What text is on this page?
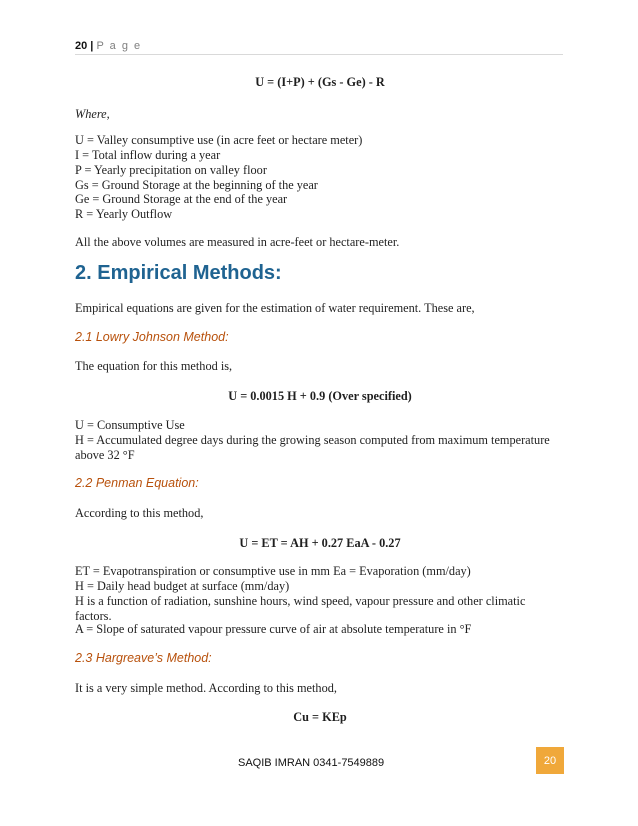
20 | P a g e
U = (I+P) + (Gs - Ge) - R
Where,
U = Valley consumptive use (in acre feet or hectare meter)
I = Total inflow during a year
P = Yearly precipitation on valley floor
Gs = Ground Storage at the beginning of the year
Ge = Ground Storage at the end of the year
R = Yearly Outflow
All the above volumes are measured in acre-feet or hectare-meter.
2. Empirical Methods:
Empirical equations are given for the estimation of water requirement. These are,
2.1 Lowry Johnson Method:
The equation for this method is,
U = 0.0015 H + 0.9 (Over specified)
U = Consumptive Use
H = Accumulated degree days during the growing season computed from maximum temperature above 32 °F
2.2 Penman Equation:
According to this method,
U = ET = AH + 0.27 EaA - 0.27
ET = Evapotranspiration or consumptive use in mm Ea = Evaporation (mm/day)
H = Daily head budget at surface (mm/day)
H is a function of radiation, sunshine hours, wind speed, vapour pressure and other climatic factors.
A = Slope of saturated vapour pressure curve of air at absolute temperature in °F
2.3 Hargreave’s Method:
It is a very simple method. According to this method,
Cu = KEp
SAQIB IMRAN 0341-7549889	20
